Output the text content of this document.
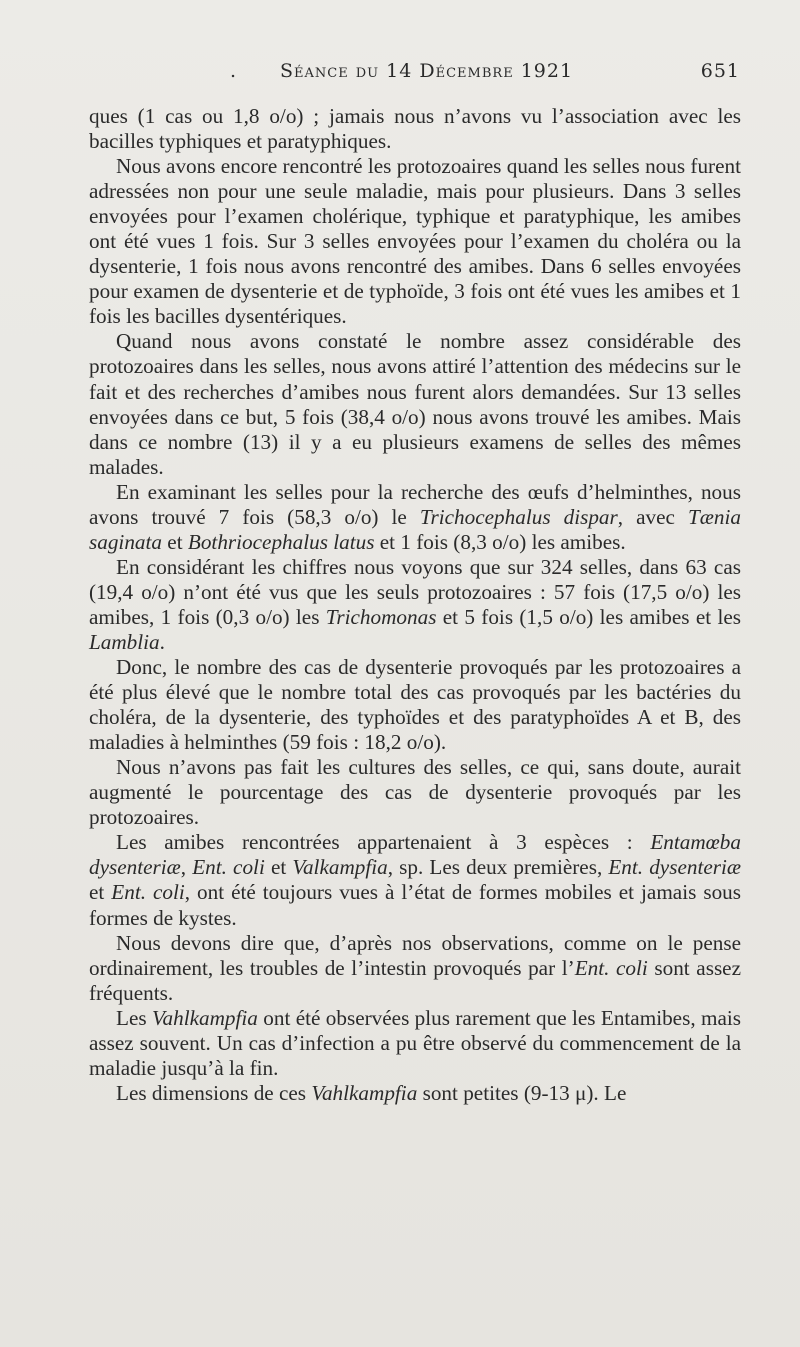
. Séance du 14 Décembre 1921	651

ques (1 cas ou 1,8 o/o) ; jamais nous n’avons vu l’association avec les bacilles typhiques et paratyphiques.

Nous avons encore rencontré les protozoaires quand les selles nous furent adressées non pour une seule maladie, mais pour plusieurs. Dans 3 selles envoyées pour l’examen cholérique, typhique et paratyphique, les amibes ont été vues 1 fois. Sur 3 selles envoyées pour l’examen du choléra ou la dysenterie, 1 fois nous avons rencontré des amibes. Dans 6 selles envoyées pour examen de dysenterie et de typhoïde, 3 fois ont été vues les amibes et 1 fois les bacilles dysentériques.

Quand nous avons constaté le nombre assez considérable des protozoaires dans les selles, nous avons attiré l’attention des médecins sur le fait et des recherches d’amibes nous furent alors demandées. Sur 13 selles envoyées dans ce but, 5 fois (38,4 o/o) nous avons trouvé les amibes. Mais dans ce nombre (13) il y a eu plusieurs examens de selles des mêmes malades.

En examinant les selles pour la recherche des œufs d’helminthes, nous avons trouvé 7 fois (58,3 o/o) le Trichocephalus dispar, avec Tænia saginata et Bothriocephalus latus et 1 fois (8,3 o/o) les amibes.

En considérant les chiffres nous voyons que sur 324 selles, dans 63 cas (19,4 o/o) n’ont été vus que les seuls protozoaires : 57 fois (17,5 o/o) les amibes, 1 fois (0,3 o/o) les Trichomonas et 5 fois (1,5 o/o) les amibes et les Lamblia.

Donc, le nombre des cas de dysenterie provoqués par les protozoaires a été plus élevé que le nombre total des cas provoqués par les bactéries du choléra, de la dysenterie, des typhoïdes et des paratyphoïdes A et B, des maladies à helminthes (59 fois : 18,2 o/o).

Nous n’avons pas fait les cultures des selles, ce qui, sans doute, aurait augmenté le pourcentage des cas de dysenterie provoqués par les protozoaires.

Les amibes rencontrées appartenaient à 3 espèces : Entamœba dysenteriæ, Ent. coli et Valkampfia, sp. Les deux premières, Ent. dysenteriæ et Ent. coli, ont été toujours vues à l’état de formes mobiles et jamais sous formes de kystes.

Nous devons dire que, d’après nos observations, comme on le pense ordinairement, les troubles de l’intestin provoqués par l’Ent. coli sont assez fréquents.

Les Vahlkampfia ont été observées plus rarement que les Entamibes, mais assez souvent. Un cas d’infection a pu être observé du commencement de la maladie jusqu’à la fin.

Les dimensions de ces Vahlkampfia sont petites (9-13 μ). Le
